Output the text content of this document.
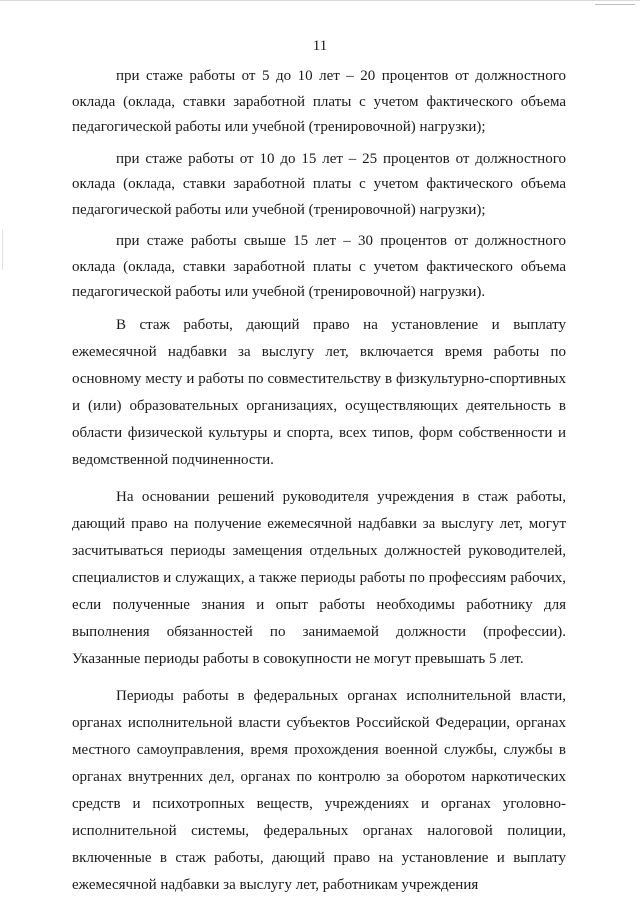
11

при стаже работы от 5 до 10 лет – 20 процентов от должностного оклада (оклада, ставки заработной платы с учетом фактического объема педагогической работы или учебной (тренировочной) нагрузки);

при стаже работы от 10 до 15 лет – 25 процентов от должностного оклада (оклада, ставки заработной платы с учетом фактического объема педагогической работы или учебной (тренировочной) нагрузки);

при стаже работы свыше 15 лет – 30 процентов от должностного оклада (оклада, ставки заработной платы с учетом фактического объема педагогической работы или учебной (тренировочной) нагрузки).

В стаж работы, дающий право на установление и выплату ежемесячной надбавки за выслугу лет, включается время работы по основному месту и работы по совместительству в физкультурно-спортивных и (или) образовательных организациях, осуществляющих деятельность в области физической культуры и спорта, всех типов, форм собственности и ведомственной подчиненности.

На основании решений руководителя учреждения в стаж работы, дающий право на получение ежемесячной надбавки за выслугу лет, могут засчитываться периоды замещения отдельных должностей руководителей, специалистов и служащих, а также периоды работы по профессиям рабочих, если полученные знания и опыт работы необходимы работнику для выполнения обязанностей по занимаемой должности (профессии). Указанные периоды работы в совокупности не могут превышать 5 лет.

Периоды работы в федеральных органах исполнительной власти, органах исполнительной власти субъектов Российской Федерации, органах местного самоуправления, время прохождения военной службы, службы в органах внутренних дел, органах по контролю за оборотом наркотических средств и психотропных веществ, учреждениях и органах уголовно-исполнительной системы, федеральных органах налоговой полиции, включенные в стаж работы, дающий право на установление и выплату ежемесячной надбавки за выслугу лет, работникам учреждения
